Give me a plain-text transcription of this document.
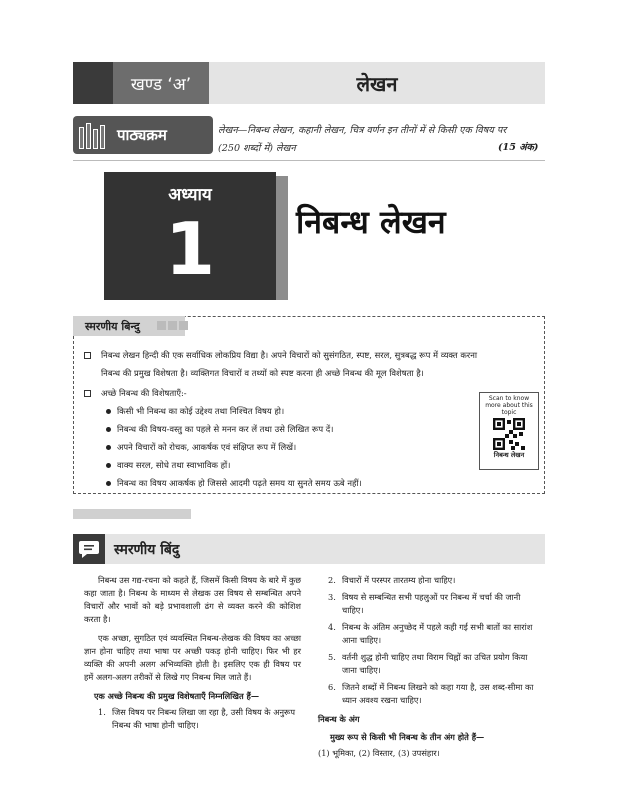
खण्ड ‘अ’	लेखन
पाठ्यक्रम	लेखन—निबन्ध लेखन, कहानी लेखन, चित्र वर्णन इन तीनों में से किसी एक विषय पर
(250 शब्दों में) लेखन	(15 अंक)
अध्याय
1	निबन्ध लेखन
स्मरणीय बिन्दु
निबन्ध लेखन हिन्दी की एक सर्वाधिक लोकप्रिय विद्या है। अपने विचारों को सुसंगठित, स्पष्ट, सरल, सुत्रबद्ध रूप में व्यक्त करना
निबन्ध की प्रमुख विशेषता है। व्यक्तिगत विचारों व तथ्यों को स्पष्ट करना ही अच्छे निबन्ध की मूल विशेषता है।
अच्छे निबन्ध की विशेषताएँ:-
किसी भी निबन्ध का कोई उद्देश्य तथा निश्चित विषय हो।
निबन्ध की विषय-वस्तु का पहले से मनन कर लें तथा उसे लिखित रूप दें।
अपने विचारों को रोचक, आकर्षक एवं संक्षिप्त रूप में लिखें।
वाक्य सरल, सोधे तथा स्वाभाविक हों।
निबन्ध का विषय आकर्षक हो जिससे आदमी पढ़ते समय या सुनते समय ऊबे नहीं।
Scan to know more about this topic
निबन्ध लेखन
स्मरणीय बिंदु

निबन्ध उस गद्य-रचना को कहते हैं, जिसमें किसी विषय के बारे में कुछ कहा जाता है। निबन्ध के माध्यम से लेखक उस विषय से सम्बन्धित अपने विचारों और भावों को बड़े प्रभावशाली ढंग से व्यक्त करने की कोशिश करता है।

एक अच्छा, सुगठित एवं व्यवस्थित निबन्ध-लेखक की विषय का अच्छा ज्ञान होना चाहिए तथा भाषा पर अच्छी पकड़ होनी चाहिए। फिर भी हर व्यक्ति की अपनी अलग अभिव्यक्ति होती है। इसलिए एक ही विषय पर हमें अलग-अलग तरीकों से लिखे गए निबन्ध मिल जाते हैं।

एक अच्छे निबन्ध की प्रमुख विशेषताएँ निम्नलिखित हैं—

1. जिस विषय पर निबन्ध लिखा जा रहा है, उसी विषय के अनुरूप निबन्ध की भाषा होनी चाहिए।
2. विचारों में परस्पर तारतम्य होना चाहिए।
3. विषय से सम्बन्धित सभी पहलुओं पर निबन्ध में चर्चा की जानी चाहिए।
4. निबन्ध के अंतिम अनुच्छेद में पहले कही गई सभी बातों का सारांश आना चाहिए।
5. वर्तनी शुद्ध होनी चाहिए तथा विराम चिह्नों का उचित प्रयोग किया जाना चाहिए।
6. जितने शब्दों में निबन्ध लिखने को कहा गया है, उस शब्द-सीमा का ध्यान अवश्य रखना चाहिए।
निबन्ध के अंग
मुख्य रूप से किसी भी निबन्ध के तीन अंग होते हैं—
(1) भूमिका, (2) विस्तार, (3) उपसंहार।
